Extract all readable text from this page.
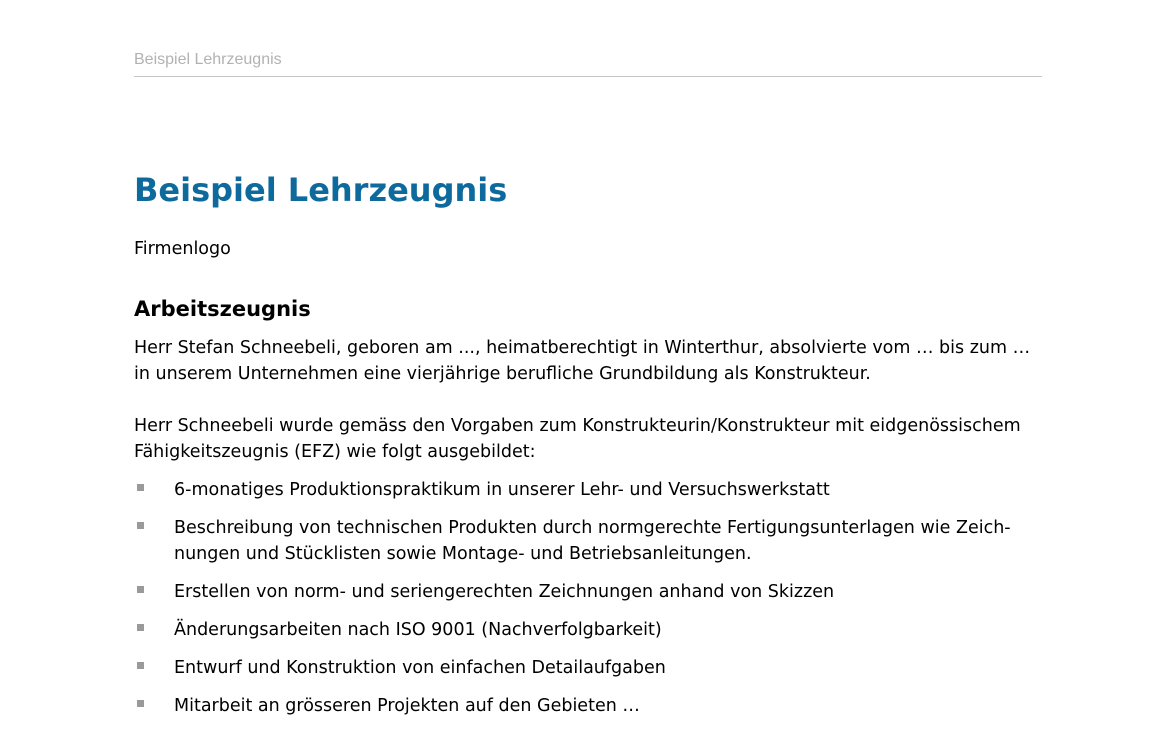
Beispiel Lehrzeugnis
Beispiel Lehrzeugnis
Firmenlogo
Arbeitszeugnis

Herr Stefan Schneebeli, geboren am ..., heimatberechtigt in Winterthur, absolvierte vom … bis zum … in unserem Unternehmen eine vierjährige berufliche Grundbildung als Konstrukteur.

Herr Schneebeli wurde gemäss den Vorgaben zum Konstrukteurin/Konstrukteur mit eidgenössischem Fähigkeitszeugnis (EFZ) wie folgt ausgebildet:

6-monatiges Produktionspraktikum in unserer Lehr- und Versuchswerkstatt
Beschreibung von technischen Produkten durch normgerechte Fertigungsunterlagen wie Zeichnungen und Stücklisten sowie Montage- und Betriebsanleitungen.
Erstellen von norm- und seriengerechten Zeichnungen anhand von Skizzen
Änderungsarbeiten nach ISO 9001 (Nachverfolgbarkeit)
Entwurf und Konstruktion von einfachen Detailaufgaben
Mitarbeit an grösseren Projekten auf den Gebieten …
